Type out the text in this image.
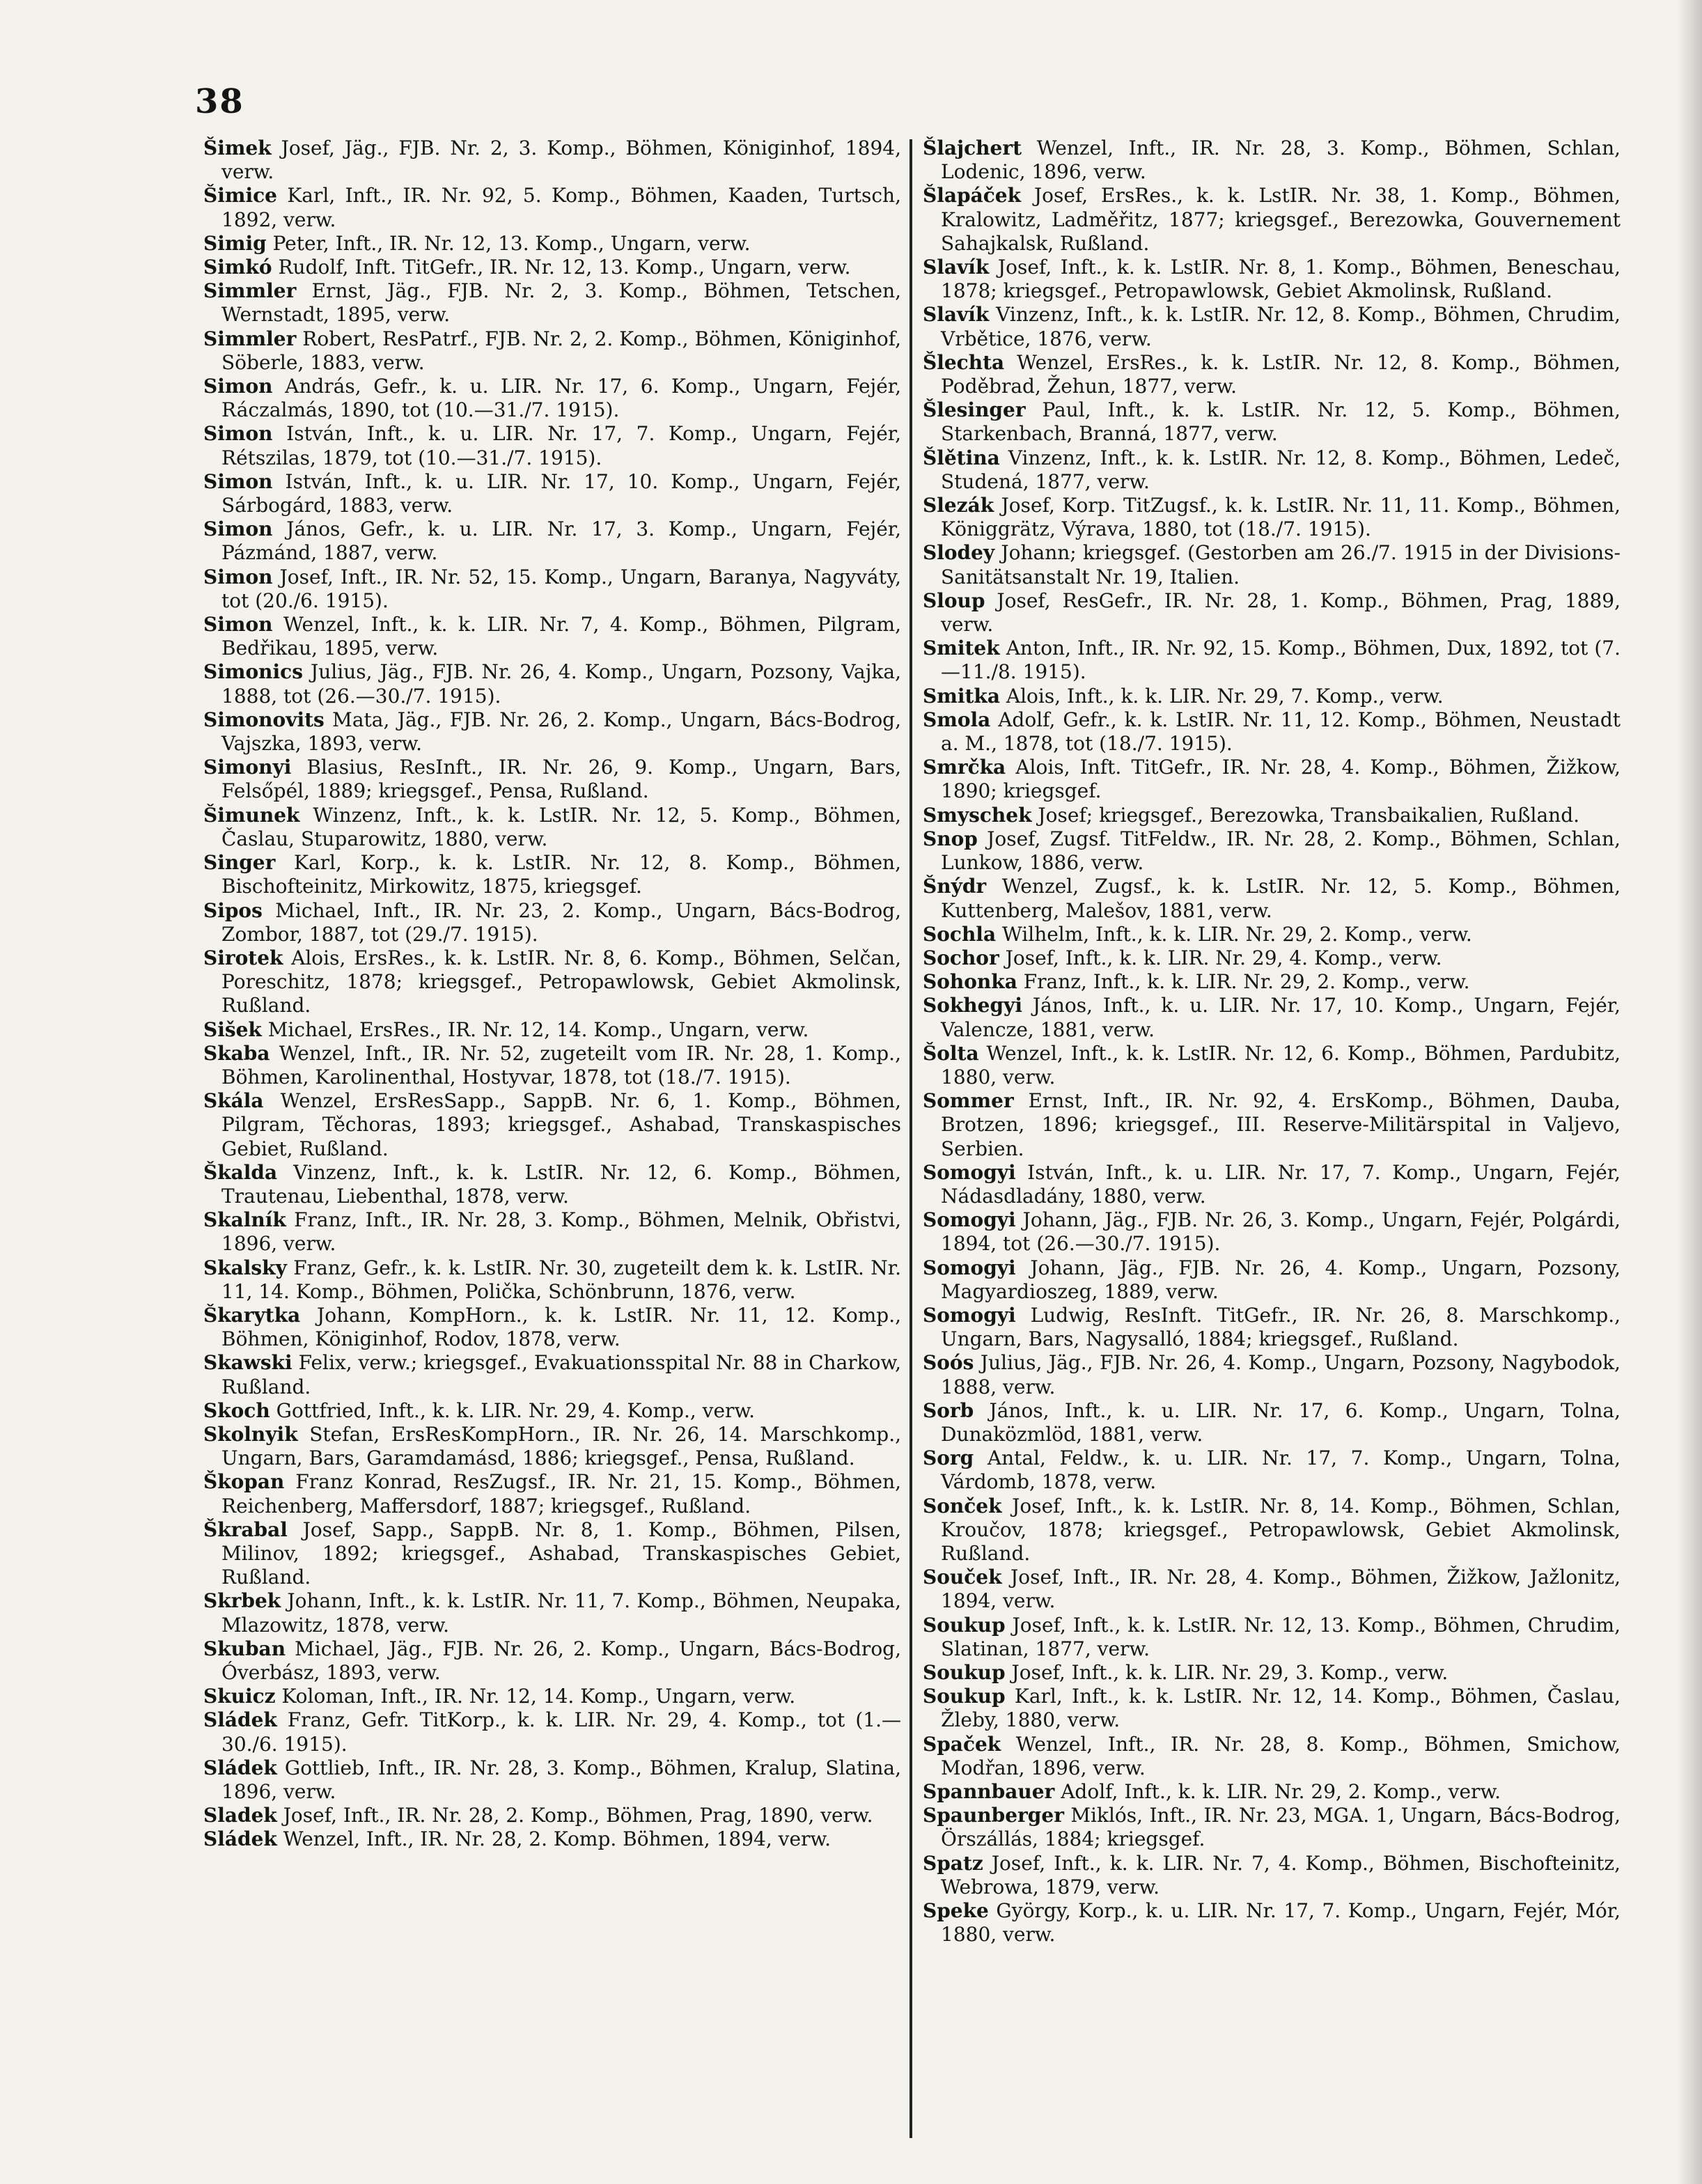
38

Šimek Josef, Jäg., FJB. Nr. 2, 3. Komp., Böhmen, Königinhof, 1894, verw.

Šimice Karl, Inft., IR. Nr. 92, 5. Komp., Böhmen, Kaaden, Turtsch, 1892, verw.

Simig Peter, Inft., IR. Nr. 12, 13. Komp., Ungarn, verw.

Simkó Rudolf, Inft. TitGefr., IR. Nr. 12, 13. Komp., Ungarn, verw.

Simmler Ernst, Jäg., FJB. Nr. 2, 3. Komp., Böhmen, Tetschen, Wernstadt, 1895, verw.

Simmler Robert, ResPatrf., FJB. Nr. 2, 2. Komp., Böhmen, Königinhof, Söberle, 1883, verw.

Simon András, Gefr., k. u. LIR. Nr. 17, 6. Komp., Ungarn, Fejér, Ráczalmás, 1890, tot (10.—31./7. 1915).

Simon István, Inft., k. u. LIR. Nr. 17, 7. Komp., Ungarn, Fejér, Rétszilas, 1879, tot (10.—31./7. 1915).

Simon István, Inft., k. u. LIR. Nr. 17, 10. Komp., Ungarn, Fejér, Sárbogárd, 1883, verw.

Simon János, Gefr., k. u. LIR. Nr. 17, 3. Komp., Ungarn, Fejér, Pázmánd, 1887, verw.

Simon Josef, Inft., IR. Nr. 52, 15. Komp., Ungarn, Baranya, Nagyváty, tot (20./6. 1915).

Simon Wenzel, Inft., k. k. LIR. Nr. 7, 4. Komp., Böhmen, Pilgram, Bedřikau, 1895, verw.

Simonics Julius, Jäg., FJB. Nr. 26, 4. Komp., Ungarn, Pozsony, Vajka, 1888, tot (26.—30./7. 1915).

Simonovits Mata, Jäg., FJB. Nr. 26, 2. Komp., Ungarn, Bács-Bodrog, Vajszka, 1893, verw.

Simonyi Blasius, ResInft., IR. Nr. 26, 9. Komp., Ungarn, Bars, Felsőpél, 1889; kriegsgef., Pensa, Rußland.

Šimunek Winzenz, Inft., k. k. LstIR. Nr. 12, 5. Komp., Böhmen, Časlau, Stuparowitz, 1880, verw.

Singer Karl, Korp., k. k. LstIR. Nr. 12, 8. Komp., Böhmen, Bischofteinitz, Mirkowitz, 1875, kriegsgef.

Sipos Michael, Inft., IR. Nr. 23, 2. Komp., Ungarn, Bács-Bodrog, Zombor, 1887, tot (29./7. 1915).

Sirotek Alois, ErsRes., k. k. LstIR. Nr. 8, 6. Komp., Böhmen, Selčan, Poreschitz, 1878; kriegsgef., Petropawlowsk, Gebiet Akmolinsk, Rußland.

Sišek Michael, ErsRes., IR. Nr. 12, 14. Komp., Ungarn, verw.

Skaba Wenzel, Inft., IR. Nr. 52, zugeteilt vom IR. Nr. 28, 1. Komp., Böhmen, Karolinenthal, Hostyvar, 1878, tot (18./7. 1915).

Skála Wenzel, ErsResSapp., SappB. Nr. 6, 1. Komp., Böhmen, Pilgram, Těchoras, 1893; kriegsgef., Ashabad, Transkaspisches Gebiet, Rußland.

Škalda Vinzenz, Inft., k. k. LstIR. Nr. 12, 6. Komp., Böhmen, Trautenau, Liebenthal, 1878, verw.

Skalník Franz, Inft., IR. Nr. 28, 3. Komp., Böhmen, Melnik, Obřistvi, 1896, verw.

Skalsky Franz, Gefr., k. k. LstIR. Nr. 30, zugeteilt dem k. k. LstIR. Nr. 11, 14. Komp., Böhmen, Polička, Schönbrunn, 1876, verw.

Škarytka Johann, KompHorn., k. k. LstIR. Nr. 11, 12. Komp., Böhmen, Königinhof, Rodov, 1878, verw.

Skawski Felix, verw.; kriegsgef., Evakuationsspital Nr. 88 in Charkow, Rußland.

Skoch Gottfried, Inft., k. k. LIR. Nr. 29, 4. Komp., verw.

Skolnyik Stefan, ErsResKompHorn., IR. Nr. 26, 14. Marschkomp., Ungarn, Bars, Garamdamásd, 1886; kriegsgef., Pensa, Rußland.

Škopan Franz Konrad, ResZugsf., IR. Nr. 21, 15. Komp., Böhmen, Reichenberg, Maffersdorf, 1887; kriegsgef., Rußland.

Škrabal Josef, Sapp., SappB. Nr. 8, 1. Komp., Böhmen, Pilsen, Milinov, 1892; kriegsgef., Ashabad, Transkaspisches Gebiet, Rußland.

Skrbek Johann, Inft., k. k. LstIR. Nr. 11, 7. Komp., Böhmen, Neupaka, Mlazowitz, 1878, verw.

Skuban Michael, Jäg., FJB. Nr. 26, 2. Komp., Ungarn, Bács-Bodrog, Óverbász, 1893, verw.

Skuicz Koloman, Inft., IR. Nr. 12, 14. Komp., Ungarn, verw.

Sládek Franz, Gefr. TitKorp., k. k. LIR. Nr. 29, 4. Komp., tot (1.—30./6. 1915).

Sládek Gottlieb, Inft., IR. Nr. 28, 3. Komp., Böhmen, Kralup, Slatina, 1896, verw.

Sladek Josef, Inft., IR. Nr. 28, 2. Komp., Böhmen, Prag, 1890, verw.

Sládek Wenzel, Inft., IR. Nr. 28, 2. Komp. Böhmen, 1894, verw.

Šlajchert Wenzel, Inft., IR. Nr. 28, 3. Komp., Böhmen, Schlan, Lodenic, 1896, verw.

Šlapáček Josef, ErsRes., k. k. LstIR. Nr. 38, 1. Komp., Böhmen, Kralowitz, Ladměřitz, 1877; kriegsgef., Berezowka, Gouvernement Sahajkalsk, Rußland.

Slavík Josef, Inft., k. k. LstIR. Nr. 8, 1. Komp., Böhmen, Beneschau, 1878; kriegsgef., Petropawlowsk, Gebiet Akmolinsk, Rußland.

Slavík Vinzenz, Inft., k. k. LstIR. Nr. 12, 8. Komp., Böhmen, Chrudim, Vrbětice, 1876, verw.

Šlechta Wenzel, ErsRes., k. k. LstIR. Nr. 12, 8. Komp., Böhmen, Poděbrad, Žehun, 1877, verw.

Šlesinger Paul, Inft., k. k. LstIR. Nr. 12, 5. Komp., Böhmen, Starkenbach, Branná, 1877, verw.

Šlětina Vinzenz, Inft., k. k. LstIR. Nr. 12, 8. Komp., Böhmen, Ledeč, Studená, 1877, verw.

Slezák Josef, Korp. TitZugsf., k. k. LstIR. Nr. 11, 11. Komp., Böhmen, Königgrätz, Výrava, 1880, tot (18./7. 1915).

Slodey Johann; kriegsgef. (Gestorben am 26./7. 1915 in der Divisions-Sanitätsanstalt Nr. 19, Italien.

Sloup Josef, ResGefr., IR. Nr. 28, 1. Komp., Böhmen, Prag, 1889, verw.

Smitek Anton, Inft., IR. Nr. 92, 15. Komp., Böhmen, Dux, 1892, tot (7.—11./8. 1915).

Smitka Alois, Inft., k. k. LIR. Nr. 29, 7. Komp., verw.

Smola Adolf, Gefr., k. k. LstIR. Nr. 11, 12. Komp., Böhmen, Neustadt a. M., 1878, tot (18./7. 1915).

Smrčka Alois, Inft. TitGefr., IR. Nr. 28, 4. Komp., Böhmen, Žižkow, 1890; kriegsgef.

Smyschek Josef; kriegsgef., Berezowka, Transbaikalien, Rußland.

Snop Josef, Zugsf. TitFeldw., IR. Nr. 28, 2. Komp., Böhmen, Schlan, Lunkow, 1886, verw.

Šnýdr Wenzel, Zugsf., k. k. LstIR. Nr. 12, 5. Komp., Böhmen, Kuttenberg, Malešov, 1881, verw.

Sochla Wilhelm, Inft., k. k. LIR. Nr. 29, 2. Komp., verw.

Sochor Josef, Inft., k. k. LIR. Nr. 29, 4. Komp., verw.

Sohonka Franz, Inft., k. k. LIR. Nr. 29, 2. Komp., verw.

Sokhegyi János, Inft., k. u. LIR. Nr. 17, 10. Komp., Ungarn, Fejér, Valencze, 1881, verw.

Šolta Wenzel, Inft., k. k. LstIR. Nr. 12, 6. Komp., Böhmen, Pardubitz, 1880, verw.

Sommer Ernst, Inft., IR. Nr. 92, 4. ErsKomp., Böhmen, Dauba, Brotzen, 1896; kriegsgef., III. Reserve-Militärspital in Valjevo, Serbien.

Somogyi István, Inft., k. u. LIR. Nr. 17, 7. Komp., Ungarn, Fejér, Nádasdladány, 1880, verw.

Somogyi Johann, Jäg., FJB. Nr. 26, 3. Komp., Ungarn, Fejér, Polgárdi, 1894, tot (26.—30./7. 1915).

Somogyi Johann, Jäg., FJB. Nr. 26, 4. Komp., Ungarn, Pozsony, Magyardioszeg, 1889, verw.

Somogyi Ludwig, ResInft. TitGefr., IR. Nr. 26, 8. Marschkomp., Ungarn, Bars, Nagysalló, 1884; kriegsgef., Rußland.

Soós Julius, Jäg., FJB. Nr. 26, 4. Komp., Ungarn, Pozsony, Nagybodok, 1888, verw.

Sorb János, Inft., k. u. LIR. Nr. 17, 6. Komp., Ungarn, Tolna, Dunaközmlöd, 1881, verw.

Sorg Antal, Feldw., k. u. LIR. Nr. 17, 7. Komp., Ungarn, Tolna, Várdomb, 1878, verw.

Sonček Josef, Inft., k. k. LstIR. Nr. 8, 14. Komp., Böhmen, Schlan, Kroučov, 1878; kriegsgef., Petropawlowsk, Gebiet Akmolinsk, Rußland.

Souček Josef, Inft., IR. Nr. 28, 4. Komp., Böhmen, Žižkow, Jažlonitz, 1894, verw.

Soukup Josef, Inft., k. k. LstIR. Nr. 12, 13. Komp., Böhmen, Chrudim, Slatinan, 1877, verw.

Soukup Josef, Inft., k. k. LIR. Nr. 29, 3. Komp., verw.

Soukup Karl, Inft., k. k. LstIR. Nr. 12, 14. Komp., Böhmen, Časlau, Žleby, 1880, verw.

Spaček Wenzel, Inft., IR. Nr. 28, 8. Komp., Böhmen, Smichow, Modřan, 1896, verw.

Spannbauer Adolf, Inft., k. k. LIR. Nr. 29, 2. Komp., verw.

Spaunberger Miklós, Inft., IR. Nr. 23, MGA. 1, Ungarn, Bács-Bodrog, Örszállás, 1884; kriegsgef.

Spatz Josef, Inft., k. k. LIR. Nr. 7, 4. Komp., Böhmen, Bischofteinitz, Webrowa, 1879, verw.

Speke György, Korp., k. u. LIR. Nr. 17, 7. Komp., Ungarn, Fejér, Mór, 1880, verw.
